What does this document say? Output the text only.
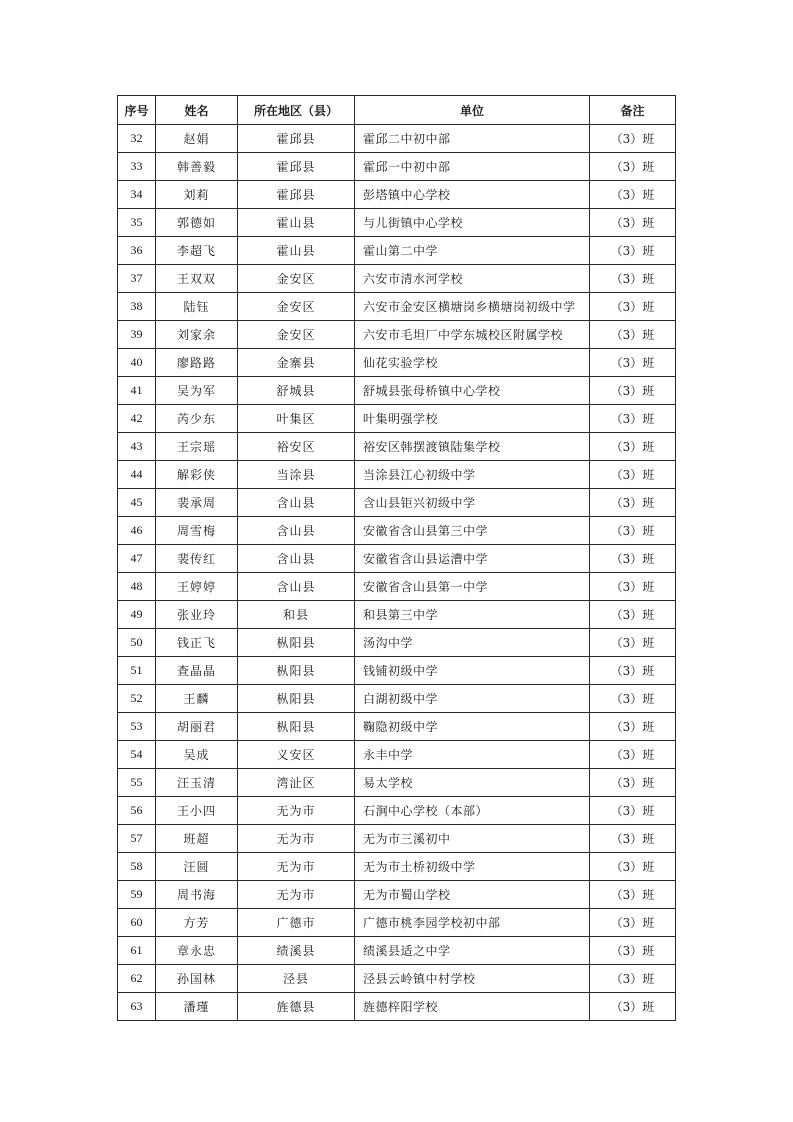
序号	姓名	所在地区（县）	单位	备注
32	赵娟	霍邱县	霍邱二中初中部	（3）班
33	韩善毅	霍邱县	霍邱一中初中部	（3）班
34	刘莉	霍邱县	彭塔镇中心学校	（3）班
35	郭德如	霍山县	与儿街镇中心学校	（3）班
36	李超飞	霍山县	霍山第二中学	（3）班
37	王双双	金安区	六安市清水河学校	（3）班
38	陆钰	金安区	六安市金安区横塘岗乡横塘岗初级中学	（3）班
39	刘家余	金安区	六安市毛坦厂中学东城校区附属学校	（3）班
40	廖路路	金寨县	仙花实验学校	（3）班
41	吴为军	舒城县	舒城县张母桥镇中心学校	（3）班
42	芮少东	叶集区	叶集明强学校	（3）班
43	王宗瑶	裕安区	裕安区韩摆渡镇陆集学校	（3）班
44	解彩侠	当涂县	当涂县江心初级中学	（3）班
45	裴承周	含山县	含山县钜兴初级中学	（3）班
46	周雪梅	含山县	安徽省含山县第三中学	（3）班
47	裴传红	含山县	安徽省含山县运漕中学	（3）班
48	王婷婷	含山县	安徽省含山县第一中学	（3）班
49	张业玲	和县	和县第三中学	（3）班
50	钱正飞	枞阳县	汤沟中学	（3）班
51	查晶晶	枞阳县	钱铺初级中学	（3）班
52	王麟	枞阳县	白湖初级中学	（3）班
53	胡丽君	枞阳县	鞠隐初级中学	（3）班
54	吴成	义安区	永丰中学	（3）班
55	汪玉清	湾沚区	易太学校	（3）班
56	王小四	无为市	石涧中心学校（本部）	（3）班
57	班超	无为市	无为市三溪初中	（3）班
58	汪圆	无为市	无为市土桥初级中学	（3）班
59	周书海	无为市	无为市蜀山学校	（3）班
60	方芳	广德市	广德市桃李园学校初中部	（3）班
61	章永忠	绩溪县	绩溪县适之中学	（3）班
62	孙国林	泾县	泾县云岭镇中村学校	（3）班
63	潘瑾	旌德县	旌德梓阳学校	（3）班
